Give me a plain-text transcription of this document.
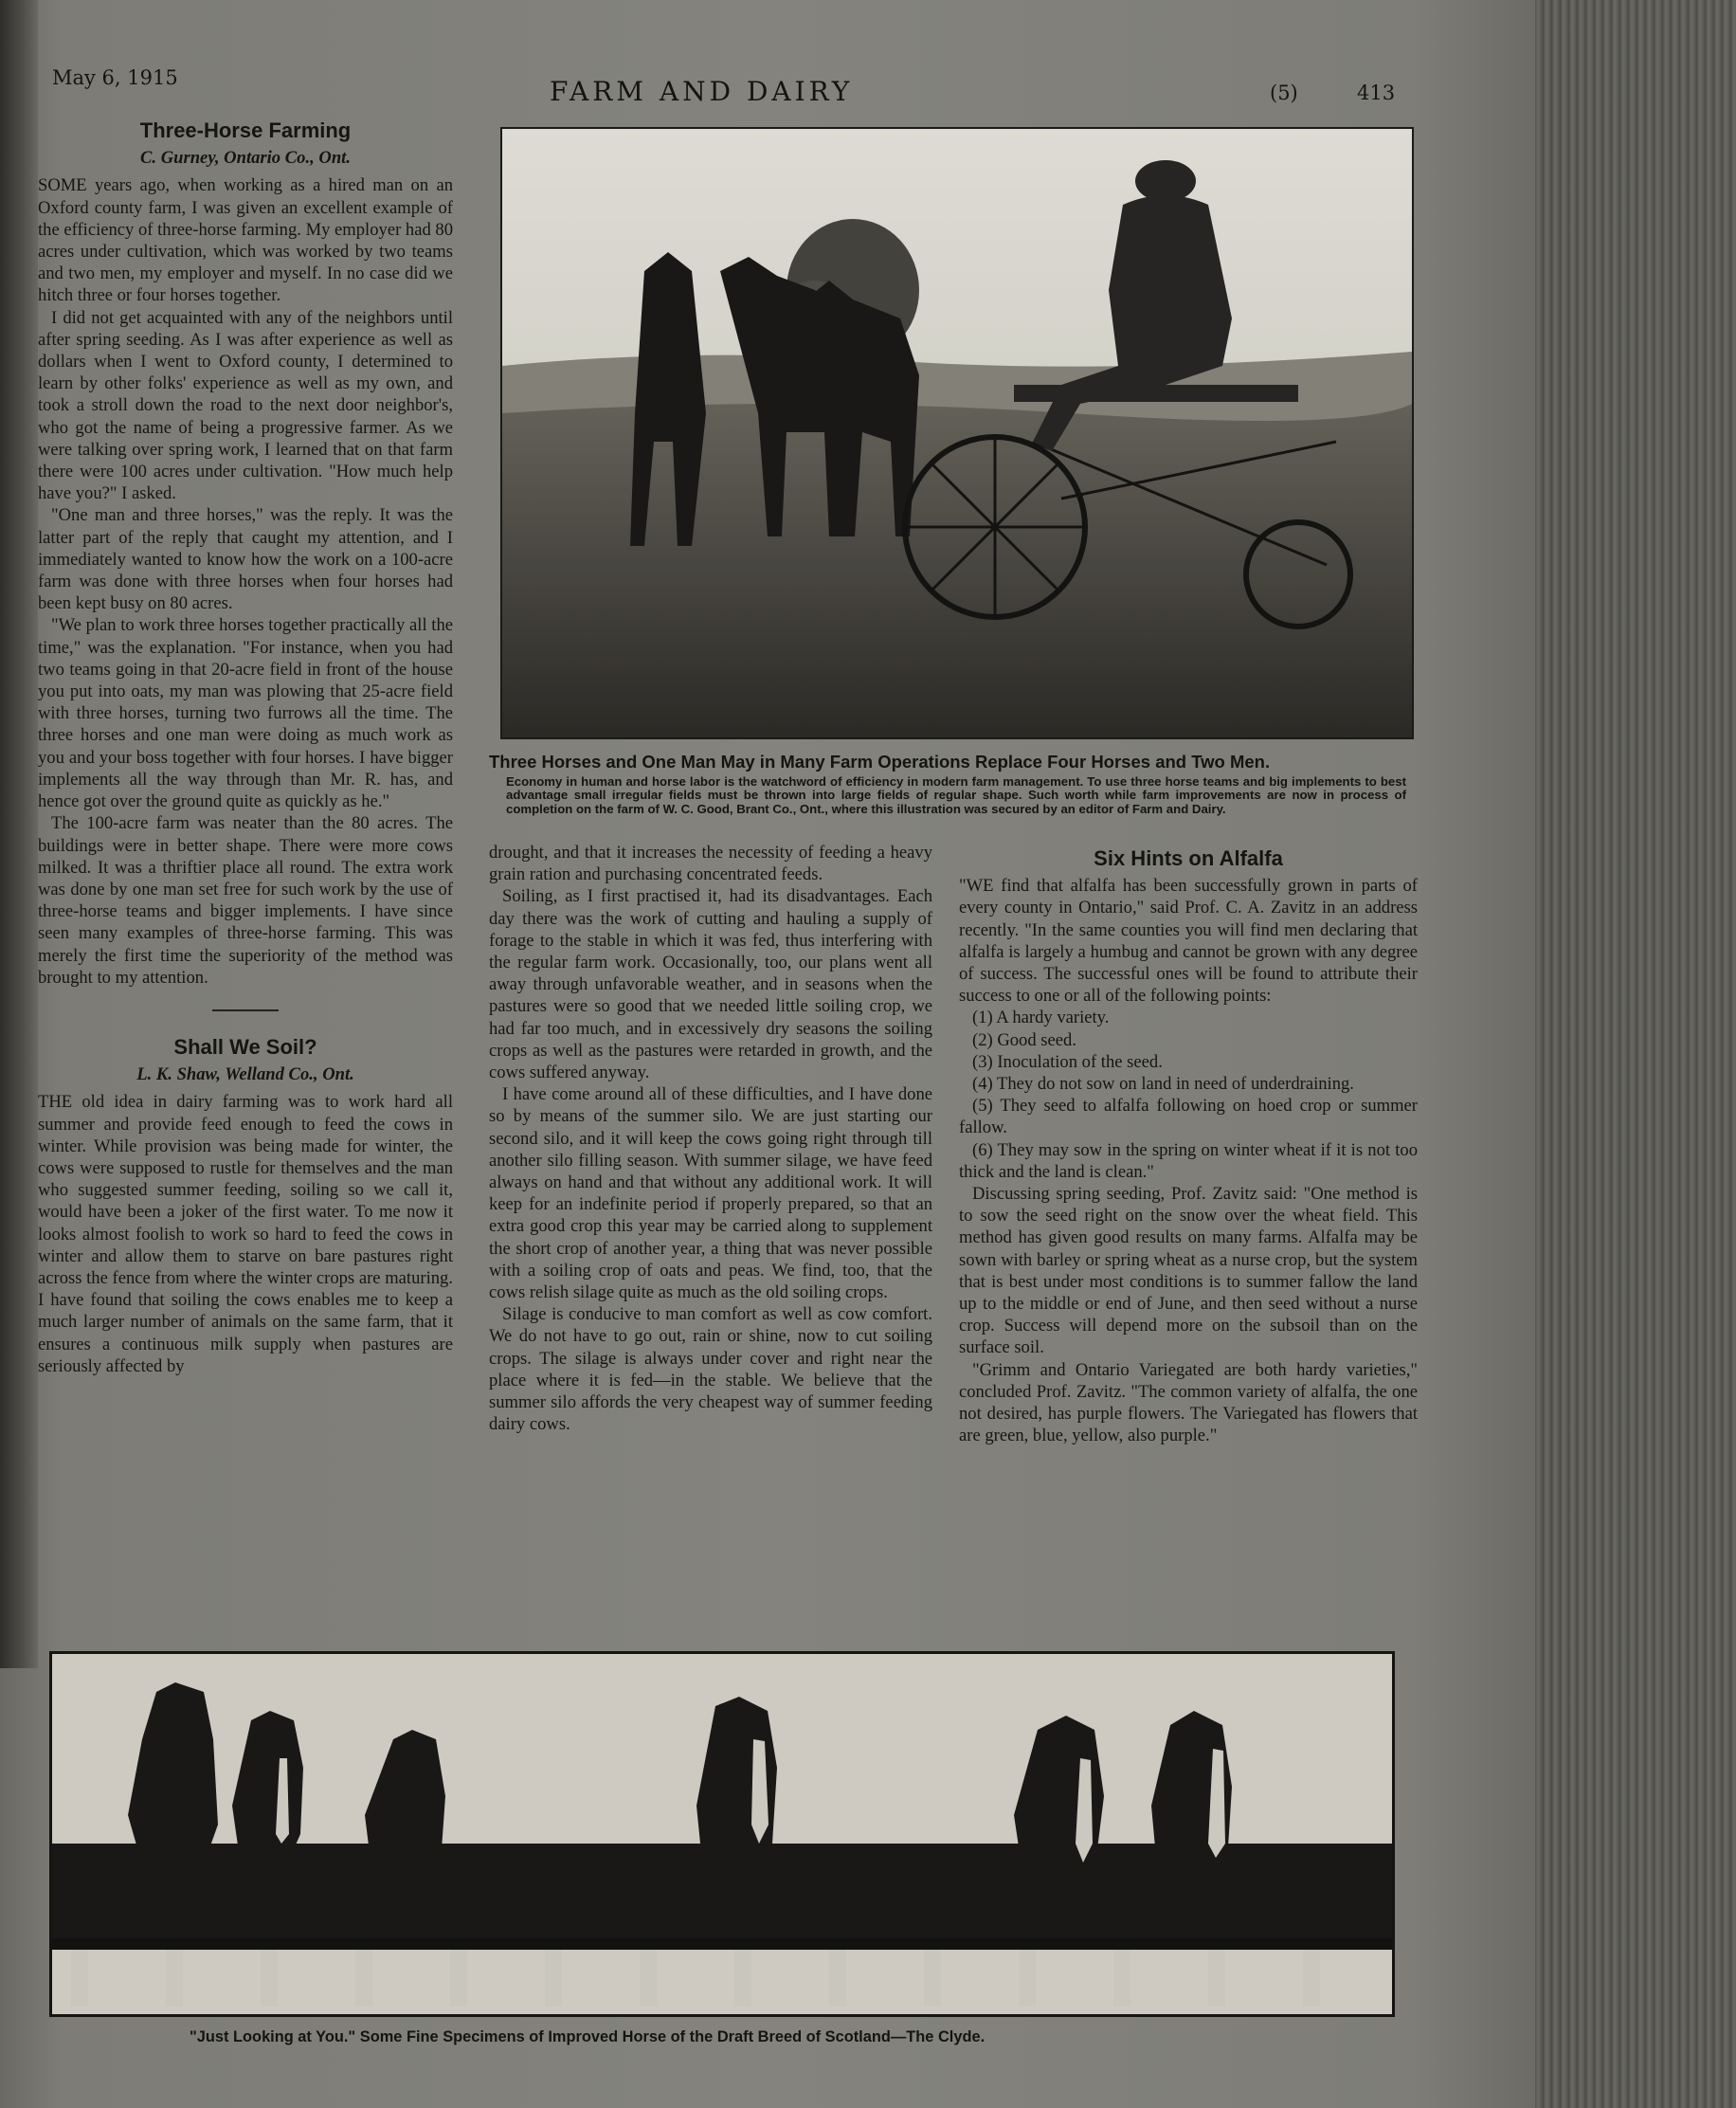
May 6, 1915	FARM AND DAIRY	(5)	413
Three-Horse Farming
C. Gurney, Ontario Co., Ont.

SOME years ago, when working as a hired man on an Oxford county farm, I was given an excellent example of the efficiency of three-horse farming. My employer had 80 acres under cultivation, which was worked by two teams and two men, my employer and myself. In no case did we hitch three or four horses together.

I did not get acquainted with any of the neighbors until after spring seeding. As I was after experience as well as dollars when I went to Oxford county, I determined to learn by other folks' experience as well as my own, and took a stroll down the road to the next door neighbor's, who got the name of being a progressive farmer. As we were talking over spring work, I learned that on that farm there were 100 acres under cultivation. "How much help have you?" I asked.

"One man and three horses," was the reply. It was the latter part of the reply that caught my attention, and I immediately wanted to know how the work on a 100-acre farm was done with three horses when four horses had been kept busy on 80 acres.

"We plan to work three horses together practically all the time," was the explanation. "For instance, when you had two teams going in that 20-acre field in front of the house you put into oats, my man was plowing that 25-acre field with three horses, turning two furrows all the time. The three horses and one man were doing as much work as you and your boss together with four horses. I have bigger implements all the way through than Mr. R. has, and hence got over the ground quite as quickly as he."

The 100-acre farm was neater than the 80 acres. The buildings were in better shape. There were more cows milked. It was a thriftier place all round. The extra work was done by one man set free for such work by the use of three-horse teams and bigger implements. I have since seen many examples of three-horse farming. This was merely the first time the superiority of the method was brought to my attention.

Shall We Soil?
L. K. Shaw, Welland Co., Ont.

THE old idea in dairy farming was to work hard all summer and provide feed enough to feed the cows in winter. While provision was being made for winter, the cows were supposed to rustle for themselves and the man who suggested summer feeding, soiling so we call it, would have been a joker of the first water. To me now it looks almost foolish to work so hard to feed the cows in winter and allow them to starve on bare pastures right across the fence from where the winter crops are maturing. I have found that soiling the cows enables me to keep a much larger number of animals on the same farm, that it ensures a continuous milk supply when pastures are seriously affected by

Three Horses and One Man May in Many Farm Operations Replace Four Horses and Two Men.
Economy in human and horse labor is the watchword of efficiency in modern farm management. To use three horse teams and big implements to best advantage small irregular fields must be thrown into large fields of regular shape. Such worth while farm improvements are now in process of completion on the farm of W. C. Good, Brant Co., Ont., where this illustration was secured by an editor of Farm and Dairy.

drought, and that it increases the necessity of feeding a heavy grain ration and purchasing concentrated feeds.

Soiling, as I first practised it, had its disadvantages. Each day there was the work of cutting and hauling a supply of forage to the stable in which it was fed, thus interfering with the regular farm work. Occasionally, too, our plans went all away through unfavorable weather, and in seasons when the pastures were so good that we needed little soiling crop, we had far too much, and in excessively dry seasons the soiling crops as well as the pastures were retarded in growth, and the cows suffered anyway.

I have come around all of these difficulties, and I have done so by means of the summer silo. We are just starting our second silo, and it will keep the cows going right through till another silo filling season. With summer silage, we have feed always on hand and that without any additional work. It will keep for an indefinite period if properly prepared, so that an extra good crop this year may be carried along to supplement the short crop of another year, a thing that was never possible with a soiling crop of oats and peas. We find, too, that the cows relish silage quite as much as the old soiling crops.

Silage is conducive to man comfort as well as cow comfort. We do not have to go out, rain or shine, now to cut soiling crops. The silage is always under cover and right near the place where it is fed—in the stable. We believe that the summer silo affords the very cheapest way of summer feeding dairy cows.

Six Hints on Alfalfa

"WE find that alfalfa has been successfully grown in parts of every county in Ontario," said Prof. C. A. Zavitz in an address recently. "In the same counties you will find men declaring that alfalfa is largely a humbug and cannot be grown with any degree of success. The successful ones will be found to attribute their success to one or all of the following points:

(1) A hardy variety.

(2) Good seed.

(3) Inoculation of the seed.

(4) They do not sow on land in need of underdraining.

(5) They seed to alfalfa following on hoed crop or summer fallow.

(6) They may sow in the spring on winter wheat if it is not too thick and the land is clean."

Discussing spring seeding, Prof. Zavitz said: "One method is to sow the seed right on the snow over the wheat field. This method has given good results on many farms. Alfalfa may be sown with barley or spring wheat as a nurse crop, but the system that is best under most conditions is to summer fallow the land up to the middle or end of June, and then seed without a nurse crop. Success will depend more on the subsoil than on the surface soil.

"Grimm and Ontario Variegated are both hardy varieties," concluded Prof. Zavitz. "The common variety of alfalfa, the one not desired, has purple flowers. The Variegated has flowers that are green, blue, yellow, also purple."

"Just Looking at You." Some Fine Specimens of Improved Horse of the Draft Breed of Scotland—The Clyde.
